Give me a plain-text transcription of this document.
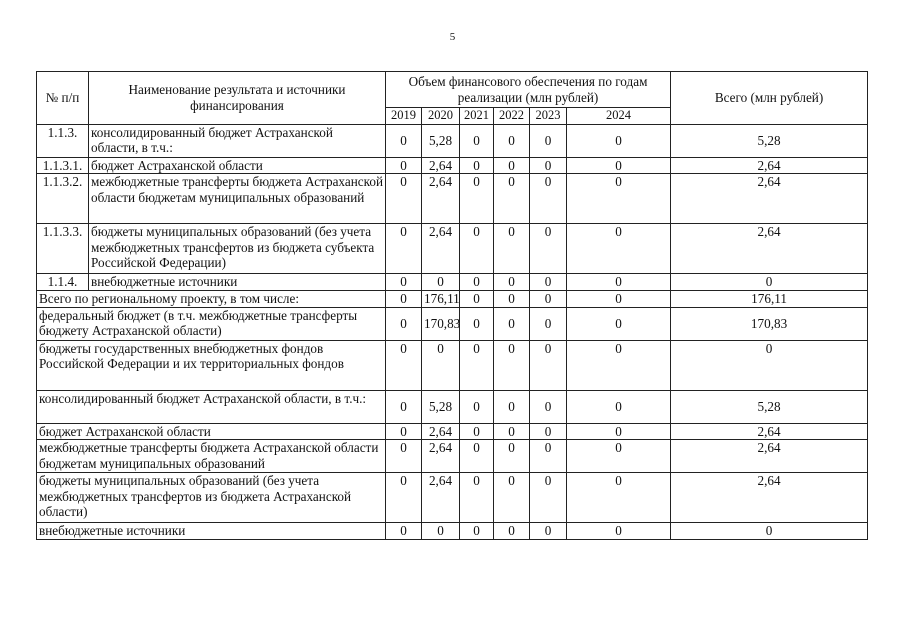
5
№ п/п	Наименование результата и источники финансирования	Объем финансового обеспечения по годам реализации (млн рублей)						Всего (млн рублей)
		2019	2020	2021	2022	2023	2024	
1.1.3.	консолидированный бюджет Астраханской области, в т.ч.:	0	5,28	0	0	0	0	5,28
1.1.3.1.	бюджет Астраханской области	0	2,64	0	0	0	0	2,64
1.1.3.2.	межбюджетные трансферты бюджета Астраханской области бюджетам муниципальных образований	0	2,64	0	0	0	0	2,64
1.1.3.3.	бюджеты муниципальных образований (без учета межбюджетных трансфертов из бюджета субъекта Российской Федерации)	0	2,64	0	0	0	0	2,64
1.1.4.	внебюджетные источники	0	0	0	0	0	0	0
Всего по региональному проекту, в том числе:		0	176,11	0	0	0	0	176,11
федеральный бюджет (в т.ч. межбюджетные трансферты бюджету Астраханской области)		0	170,83	0	0	0	0	170,83
бюджеты государственных внебюджетных фондов Российской Федерации и их территориальных фондов		0	0	0	0	0	0	0
консолидированный бюджет Астраханской области, в т.ч.:		0	5,28	0	0	0	0	5,28
бюджет Астраханской области		0	2,64	0	0	0	0	2,64
межбюджетные трансферты бюджета Астраханской области бюджетам муниципальных образований		0	2,64	0	0	0	0	2,64
бюджеты муниципальных образований (без учета межбюджетных трансфертов из бюджета Астраханской области)		0	2,64	0	0	0	0	2,64
внебюджетные источники		0	0	0	0	0	0	0
